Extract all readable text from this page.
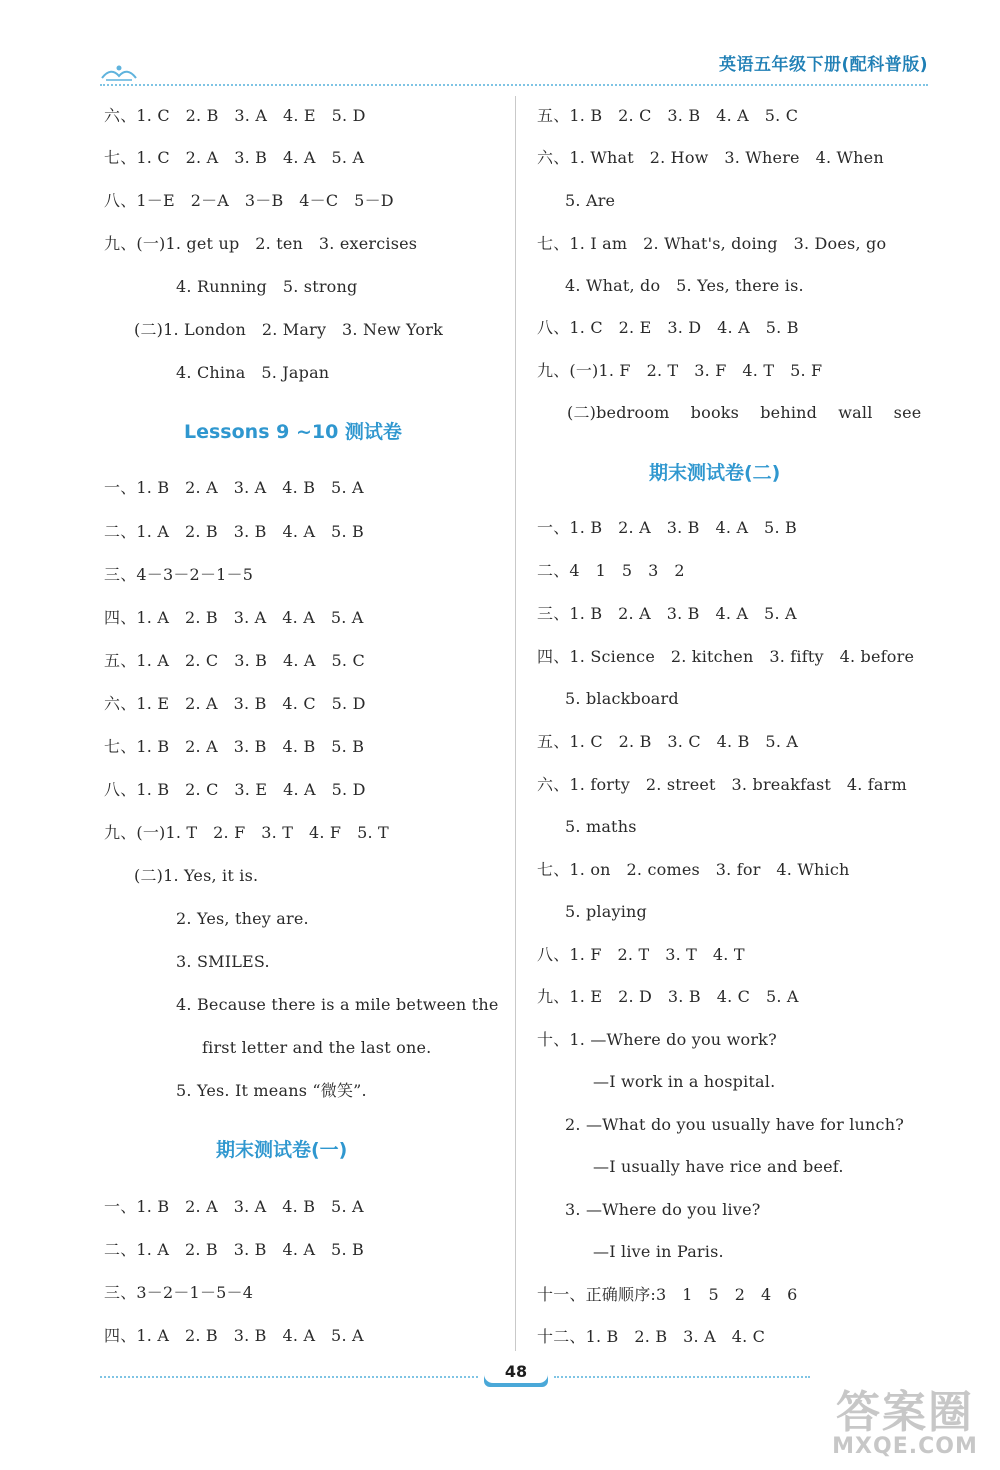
英语五年级下册(配科普版)
六、1. C   2. B   3. A   4. E   5. D
七、1. C   2. A   3. B   4. A   5. A
八、1－E   2－A   3－B   4－C   5－D
九、(一)1. get up   2. ten   3. exercises
4. Running   5. strong
(二)1. London   2. Mary   3. New York
4. China   5. Japan
Lessons 9 ~10 测试卷
一、1. B   2. A   3. A   4. B   5. A
二、1. A   2. B   3. B   4. A   5. B
三、4－3－2－1－5
四、1. A   2. B   3. A   4. A   5. A
五、1. A   2. C   3. B   4. A   5. C
六、1. E   2. A   3. B   4. C   5. D
七、1. B   2. A   3. B   4. B   5. B
八、1. B   2. C   3. E   4. A   5. D
九、(一)1. T   2. F   3. T   4. F   5. T
(二)1. Yes, it is.
2. Yes, they are.
3. SMILES.
4. Because there is a mile between the
first letter and the last one.
5. Yes. It means “微笑”.
期末测试卷(一)
一、1. B   2. A   3. A   4. B   5. A
二、1. A   2. B   3. B   4. A   5. B
三、3－2－1－5－4
四、1. A   2. B   3. B   4. A   5. A
五、1. B   2. C   3. B   4. A   5. C
六、1. What   2. How   3. Where   4. When
5. Are
七、1. I am   2. What's, doing   3. Does, go
4. What, do   5. Yes, there is.
八、1. C   2. E   3. D   4. A   5. B
九、(一)1. F   2. T   3. F   4. T   5. F
(二)bedroom    books    behind    wall    see
期末测试卷(二)
一、1. B   2. A   3. B   4. A   5. B
二、4   1   5   3   2
三、1. B   2. A   3. B   4. A   5. A
四、1. Science   2. kitchen   3. fifty   4. before
5. blackboard
五、1. C   2. B   3. C   4. B   5. A
六、1. forty   2. street   3. breakfast   4. farm
5. maths
七、1. on   2. comes   3. for   4. Which
5. playing
八、1. F   2. T   3. T   4. T
九、1. E   2. D   3. B   4. C   5. A
十、1. —Where do you work?
—I work in a hospital.
2. —What do you usually have for lunch?
—I usually have rice and beef.
3. —Where do you live?
—I live in Paris.
十一、正确顺序:3   1   5   2   4   6
十二、1. B   2. B   3. A   4. C
48
答案圈
MXQE.COM
